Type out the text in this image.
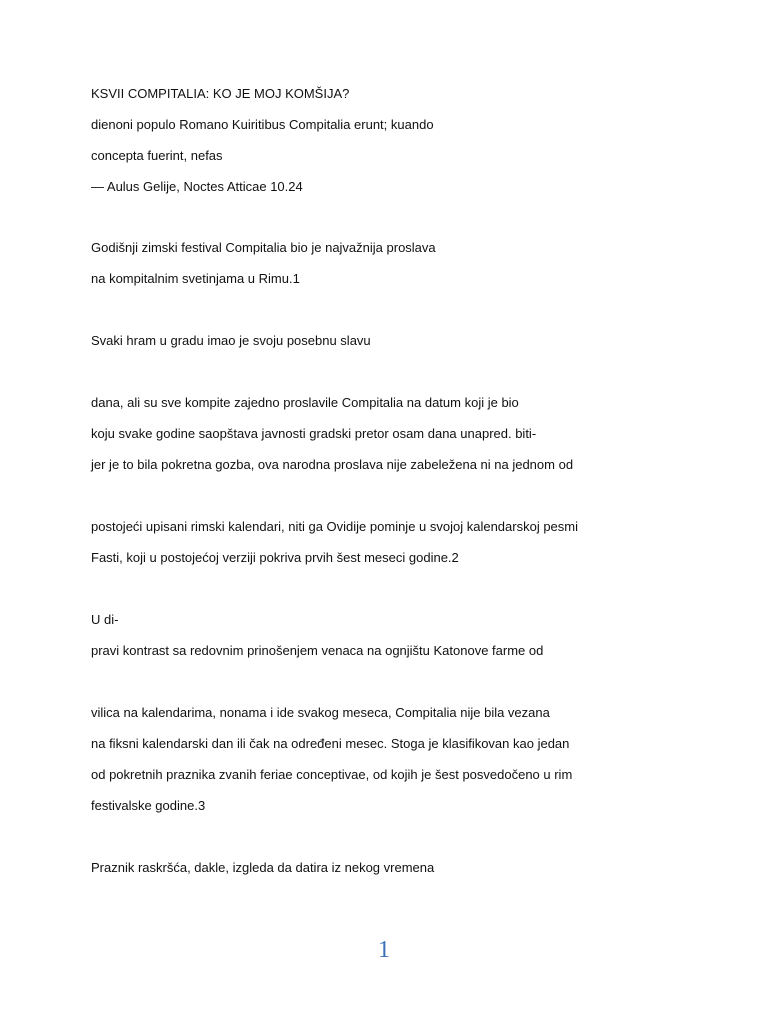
KSVII COMPITALIA: KO JE MOJ KOMŠIJA?
dienoni populo Romano Kuiritibus Compitalia erunt; kuando
concepta fuerint, nefas
— Aulus Gelije, Noctes Atticae 10.24
Godišnji zimski festival Compitalia bio je najvažnija proslava
na kompitalnim svetinjama u Rimu.1
Svaki hram u gradu imao je svoju posebnu slavu
dana, ali su sve kompite zajedno proslavile Compitalia na datum koji je bio
koju svake godine saopštava javnosti gradski pretor osam dana unapred. biti-
jer je to bila pokretna gozba, ova narodna proslava nije zabeležena ni na jednom od
postojeći upisani rimski kalendari, niti ga Ovidije pominje u svojoj kalendarskoj pesmi
Fasti, koji u postojećoj verziji pokriva prvih šest meseci godine.2
U di-
pravi kontrast sa redovnim prinošenjem venaca na ognjištu Katonove farme od
vilica na kalendarima, nonama i ide svakog meseca, Compitalia nije bila vezana
na fiksni kalendarski dan ili čak na određeni mesec. Stoga je klasifikovan kao jedan
od pokretnih praznika zvanih feriae conceptivae, od kojih je šest posvedočeno u rim
festivalske godine.3
Praznik raskršća, dakle, izgleda da datira iz nekog vremena
1
